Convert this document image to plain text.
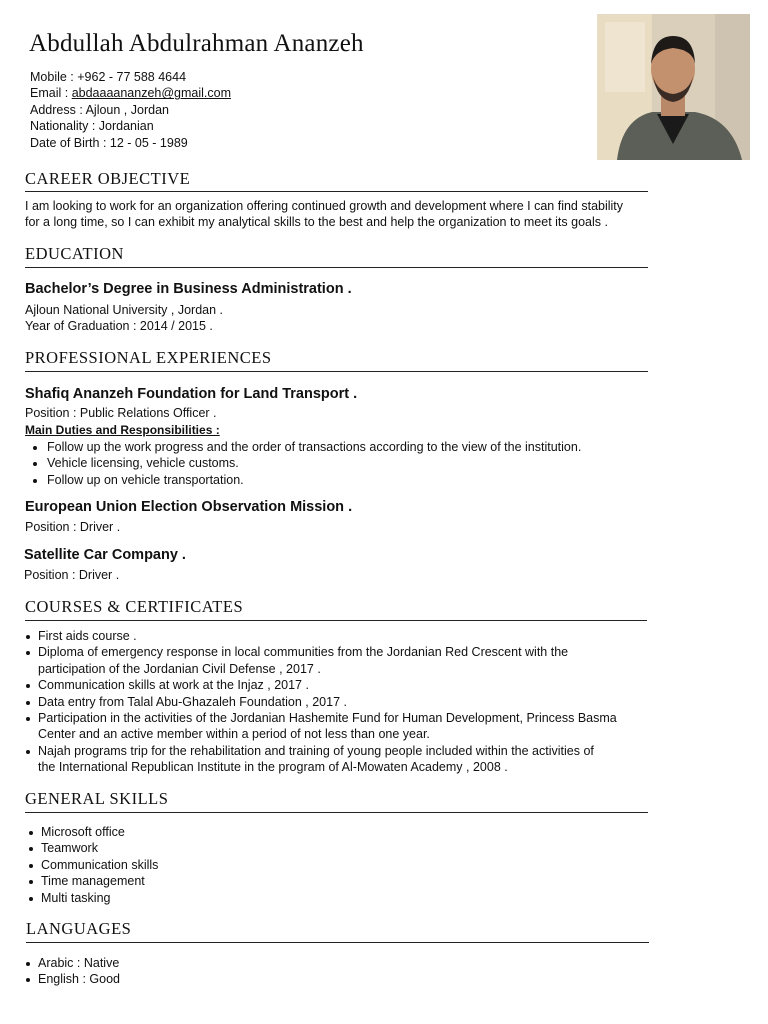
Abdullah Abdulrahman Ananzeh
Mobile : +962 - 77 588 4644
Email : abdaaaananzeh@gmail.com
Address : Ajloun , Jordan
Nationality : Jordanian
Date of Birth : 12 - 05 - 1989
CAREER OBJECTIVE
I am looking to work for an organization offering continued growth and development where I can find stability
for a long time, so I can exhibit my analytical skills to the best and help the organization to meet its goals .
EDUCATION
Bachelor’s Degree in Business Administration .
Ajloun National University , Jordan .
Year of Graduation : 2014 / 2015 .
PROFESSIONAL EXPERIENCES
Shafiq Ananzeh Foundation for Land Transport .
Position : Public Relations Officer .
Main Duties and Responsibilities :
Follow up the work progress and the order of transactions according to the view of the institution.
Vehicle licensing, vehicle customs.
Follow up on vehicle transportation.
European Union Election Observation Mission .
Position : Driver .
Satellite Car Company .
Position : Driver .
COURSES & CERTIFICATES
First aids course .
Diploma of emergency response in local communities from the Jordanian Red Crescent with the
participation of the Jordanian Civil Defense , 2017 .
Communication skills at work at the Injaz , 2017 .
Data entry from Talal Abu-Ghazaleh Foundation , 2017 .
Participation in the activities of the Jordanian Hashemite Fund for Human Development, Princess Basma
Center and an active member within a period of not less than one year.
Najah programs trip for the rehabilitation and training of young people included within the activities of
the International Republican Institute in the program of Al-Mowaten Academy , 2008 .
GENERAL SKILLS
Microsoft office
Teamwork
Communication skills
Time management
Multi tasking
LANGUAGES
Arabic : Native
English : Good
